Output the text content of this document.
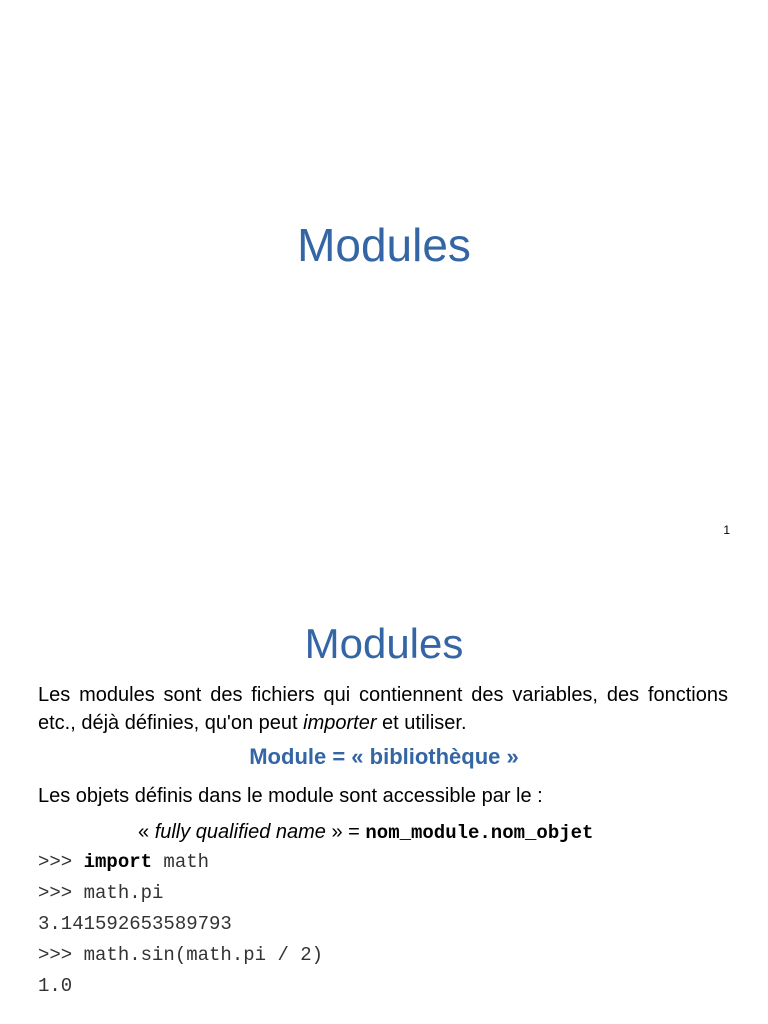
Modules
1
Modules
Les modules sont des fichiers qui contiennent des variables, des fonctions etc., déjà définies, qu'on peut importer et utiliser.
Module = « bibliothèque »
Les objets définis dans le module sont accessible par le :
« fully qualified name » = nom_module.nom_objet
>>> import math
>>> math.pi
3.141592653589793
>>> math.sin(math.pi / 2)
1.0
